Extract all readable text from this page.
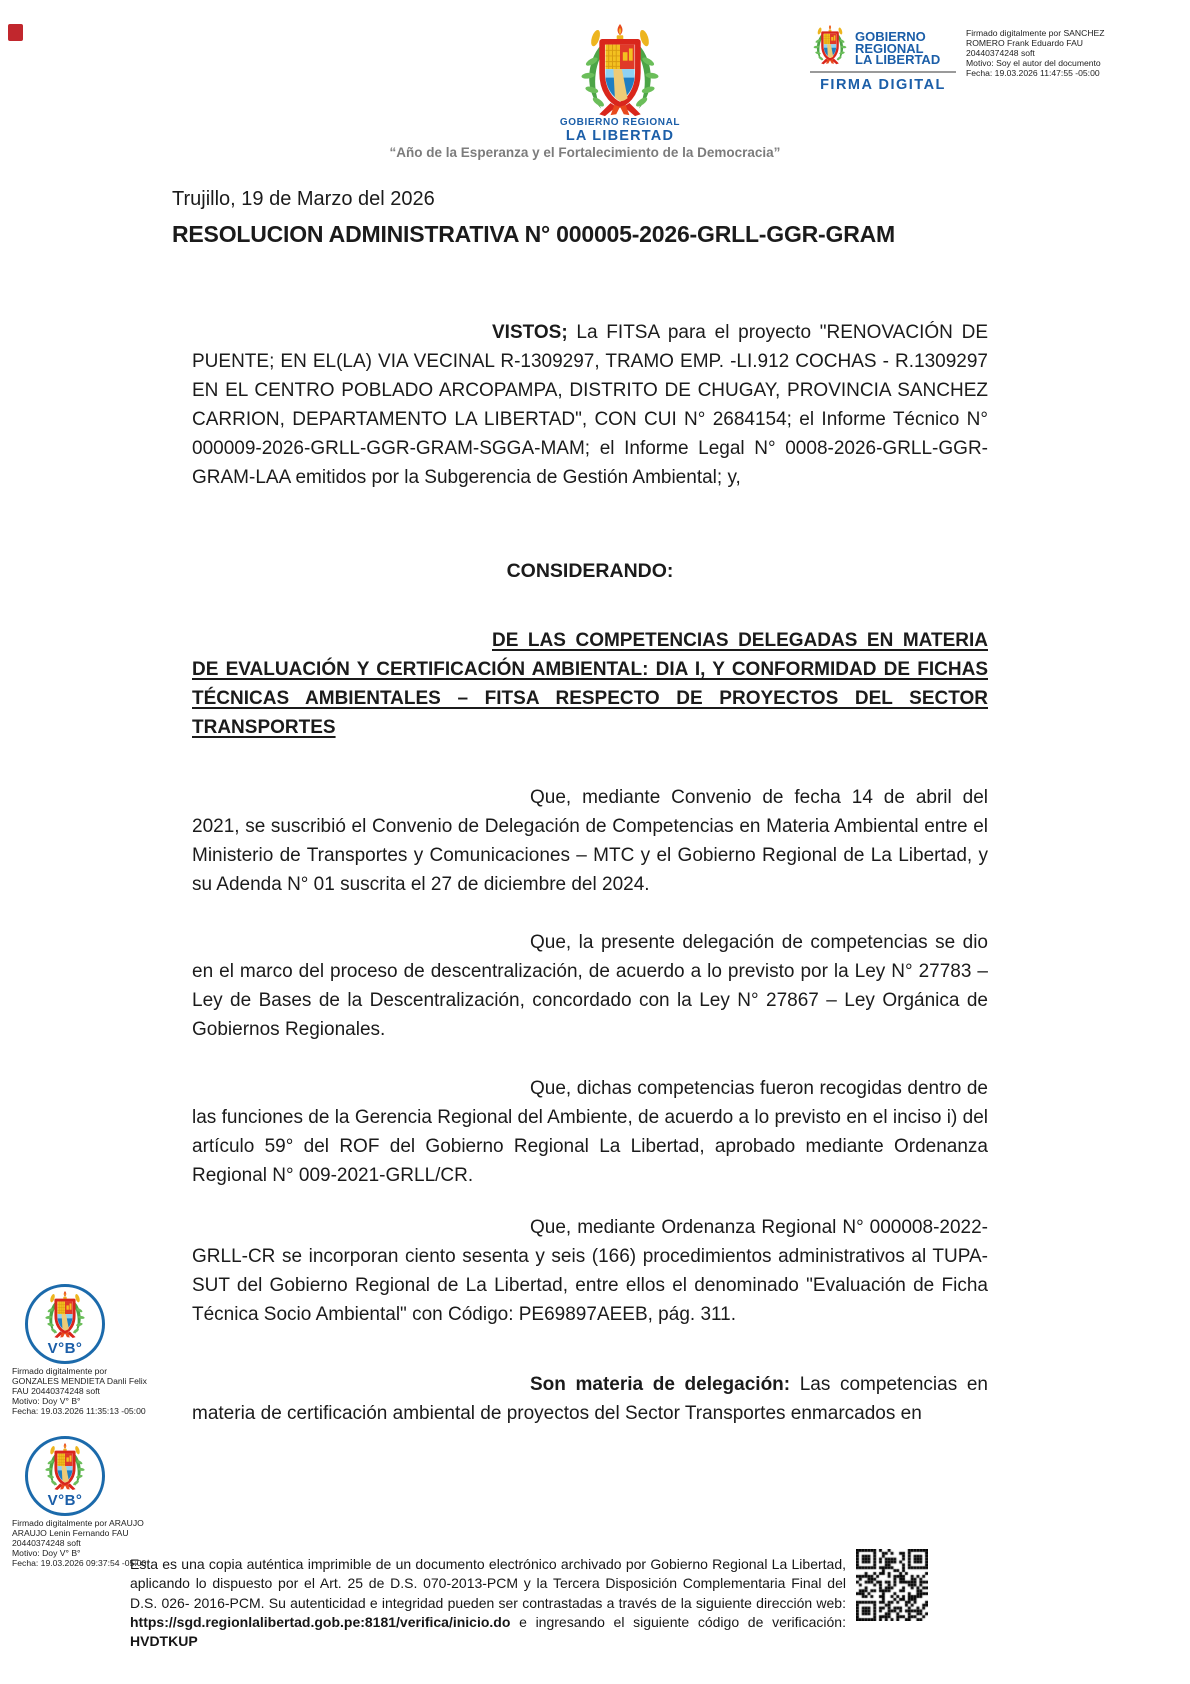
GOBIERNO REGIONAL
LA LIBERTAD
“Año de la Esperanza y el Fortalecimiento de la Democracia”
GOBIERNO
REGIONAL
LA LIBERTAD
FIRMA DIGITAL
Firmado digitalmente por SANCHEZ
ROMERO Frank Eduardo FAU
20440374248 soft
Motivo: Soy el autor del documento
Fecha: 19.03.2026 11:47:55 -05:00
Trujillo, 19 de Marzo del 2026
RESOLUCION ADMINISTRATIVA N° 000005-2026-GRLL-GGR-GRAM

VISTOS; La FITSA para el proyecto "RENOVACIÓN DE PUENTE; EN EL(LA) VIA VECINAL R-1309297, TRAMO EMP. -LI.912 COCHAS - R.1309297 EN EL CENTRO POBLADO ARCOPAMPA, DISTRITO DE CHUGAY, PROVINCIA SANCHEZ CARRION, DEPARTAMENTO LA LIBERTAD", CON CUI N° 2684154; el Informe Técnico N° 000009-2026-GRLL-GGR-GRAM-SGGA-MAM; el Informe Legal N° 0008-2026-GRLL-GGR-GRAM-LAA emitidos por la Subgerencia de Gestión Ambiental; y,

CONSIDERANDO:

DE LAS COMPETENCIAS DELEGADAS EN MATERIA DE EVALUACIÓN Y CERTIFICACIÓN AMBIENTAL: DIA I, Y CONFORMIDAD DE FICHAS TÉCNICAS AMBIENTALES – FITSA RESPECTO DE PROYECTOS DEL SECTOR TRANSPORTES

Que, mediante Convenio de fecha 14 de abril del 2021, se suscribió el Convenio de Delegación de Competencias en Materia Ambiental entre el Ministerio de Transportes y Comunicaciones – MTC y el Gobierno Regional de La Libertad, y su Adenda N° 01 suscrita el 27 de diciembre del 2024.

Que, la presente delegación de competencias se dio en el marco del proceso de descentralización, de acuerdo a lo previsto por la Ley N° 27783 – Ley de Bases de la Descentralización, concordado con la Ley N° 27867 – Ley Orgánica de Gobiernos Regionales.

Que, dichas competencias fueron recogidas dentro de las funciones de la Gerencia Regional del Ambiente, de acuerdo a lo previsto en el inciso i) del artículo 59° del ROF del Gobierno Regional La Libertad, aprobado mediante Ordenanza Regional N° 009-2021-GRLL/CR.

Que, mediante Ordenanza Regional N° 000008-2022-GRLL-CR se incorporan ciento sesenta y seis (166) procedimientos administrativos al TUPA-SUT del Gobierno Regional de La Libertad, entre ellos el denominado "Evaluación de Ficha Técnica Socio Ambiental" con Código: PE69897AEEB, pág. 311.

Son materia de delegación: Las competencias en materia de certificación ambiental de proyectos del Sector Transportes enmarcados en

V°B°
Firmado digitalmente por
GONZALES MENDIETA Danli Felix
FAU 20440374248 soft
Motivo: Doy V° B°
Fecha: 19.03.2026 11:35:13 -05:00
V°B°
Firmado digitalmente por ARAUJO
ARAUJO Lenin Fernando FAU
20440374248 soft
Motivo: Doy V° B°
Fecha: 19.03.2026 09:37:54 -05:00
Esta es una copia auténtica imprimible de un documento electrónico archivado por Gobierno Regional La Libertad, aplicando lo dispuesto por el Art. 25 de D.S. 070-2013-PCM y la Tercera Disposición Complementaria Final del D.S. 026- 2016-PCM. Su autenticidad e integridad pueden ser contrastadas a través de la siguiente dirección web: https://sgd.regionlalibertad.gob.pe:8181/verifica/inicio.do e ingresando el siguiente código de verificación: HVDTKUP
